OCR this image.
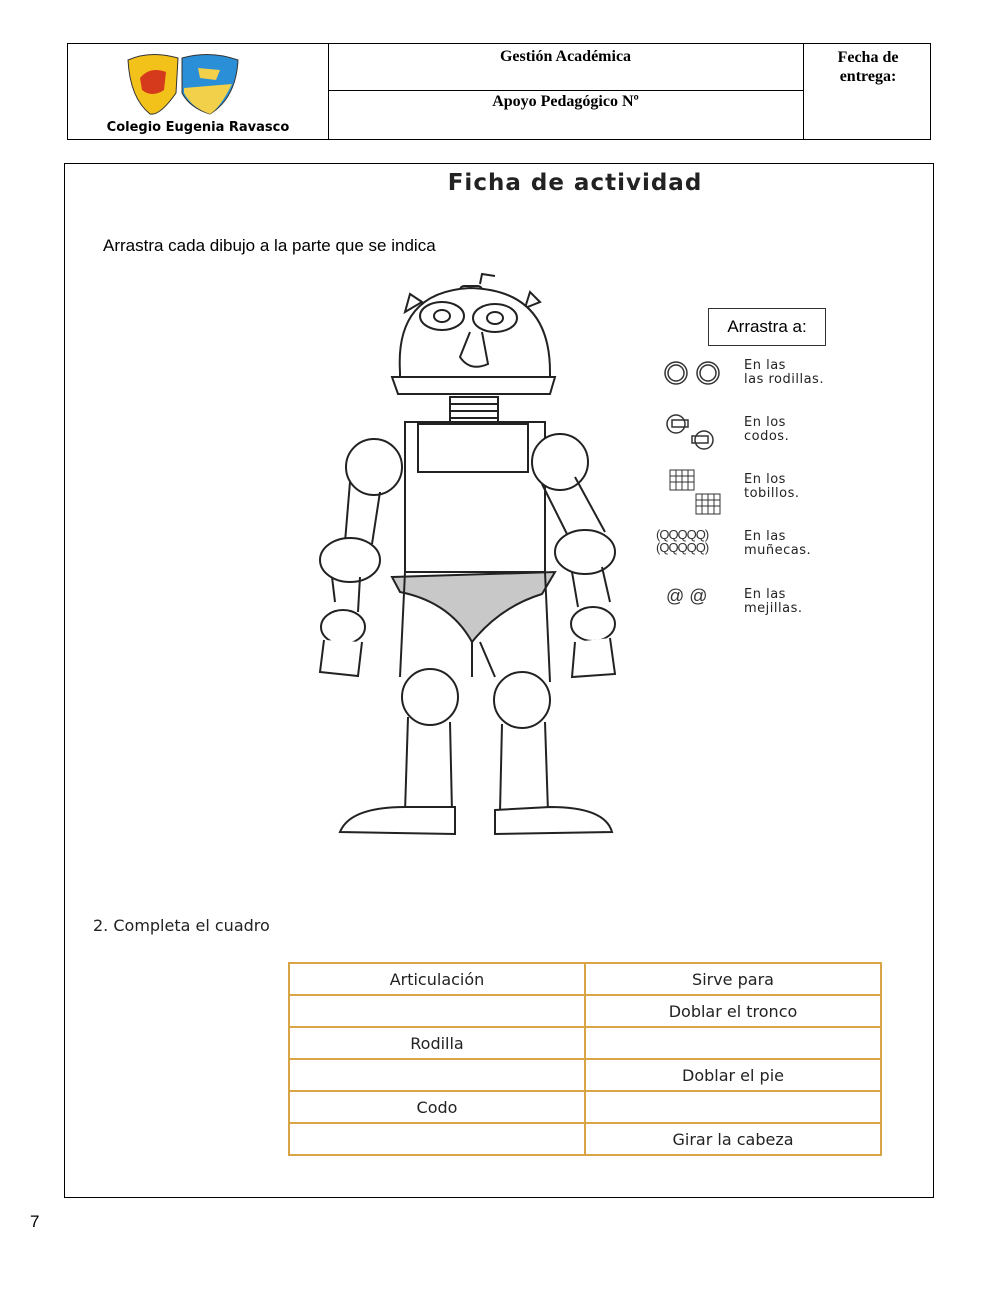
Colegio Eugenia Ravasco
Gestión Académica
Apoyo Pedagógico Nº
Fecha de entrega:
Ficha de actividad
Arrastra cada dibujo a la parte que se indica
Arrastra a:
En las
las rodillas.
En los
codos.
En los
tobillos.
(QQQQQ)
(QQQQQ)
En las
muñecas.
@ @	En las
mejillas.
2. Completa el cuadro
Articulación	Sirve para
	Doblar el tronco
Rodilla	
	Doblar el pie
Codo	
	Girar la cabeza
7
